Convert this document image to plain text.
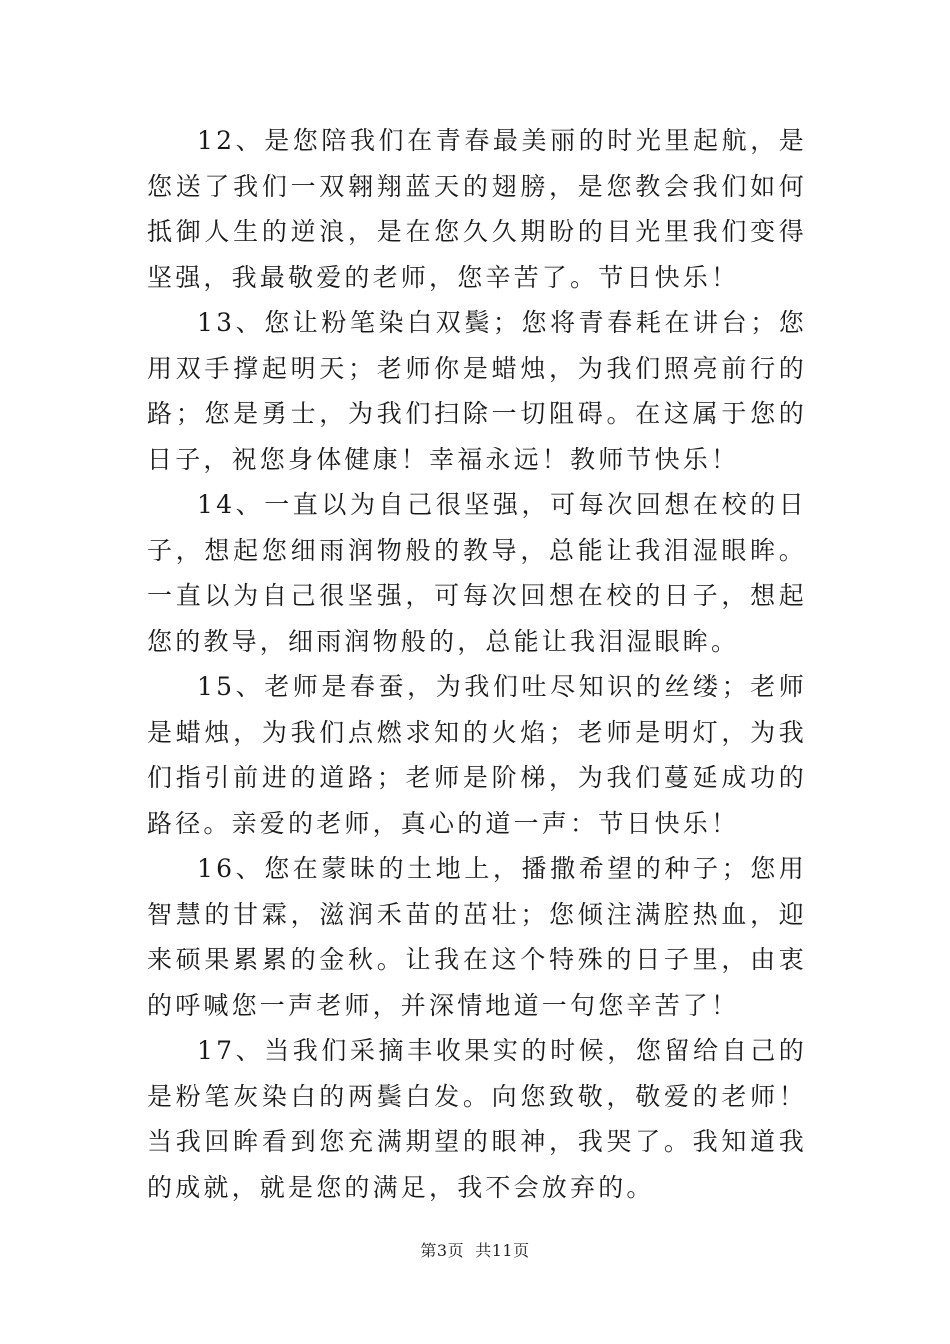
12、是您陪我们在青春最美丽的时光里起航，是您送了我们一双翱翔蓝天的翅膀，是您教会我们如何抵御人生的逆浪，是在您久久期盼的目光里我们变得坚强，我最敬爱的老师，您辛苦了。节日快乐！

13、您让粉笔染白双鬓；您将青春耗在讲台；您用双手撑起明天；老师你是蜡烛，为我们照亮前行的路；您是勇士，为我们扫除一切阻碍。在这属于您的日子，祝您身体健康！幸福永远！教师节快乐！

14、一直以为自己很坚强，可每次回想在校的日子，想起您细雨润物般的教导，总能让我泪湿眼眸。一直以为自己很坚强，可每次回想在校的日子，想起您的教导，细雨润物般的，总能让我泪湿眼眸。

15、老师是春蚕，为我们吐尽知识的丝缕；老师是蜡烛，为我们点燃求知的火焰；老师是明灯，为我们指引前进的道路；老师是阶梯，为我们蔓延成功的路径。亲爱的老师，真心的道一声：节日快乐！

16、您在蒙昧的土地上，播撒希望的种子；您用智慧的甘霖，滋润禾苗的茁壮；您倾注满腔热血，迎来硕果累累的金秋。让我在这个特殊的日子里，由衷的呼喊您一声老师，并深情地道一句您辛苦了！

17、当我们采摘丰收果实的时候，您留给自己的是粉笔灰染白的两鬓白发。向您致敬，敬爱的老师！当我回眸看到您充满期望的眼神，我哭了。我知道我的成就，就是您的满足，我不会放弃的。

第3页  共11页
